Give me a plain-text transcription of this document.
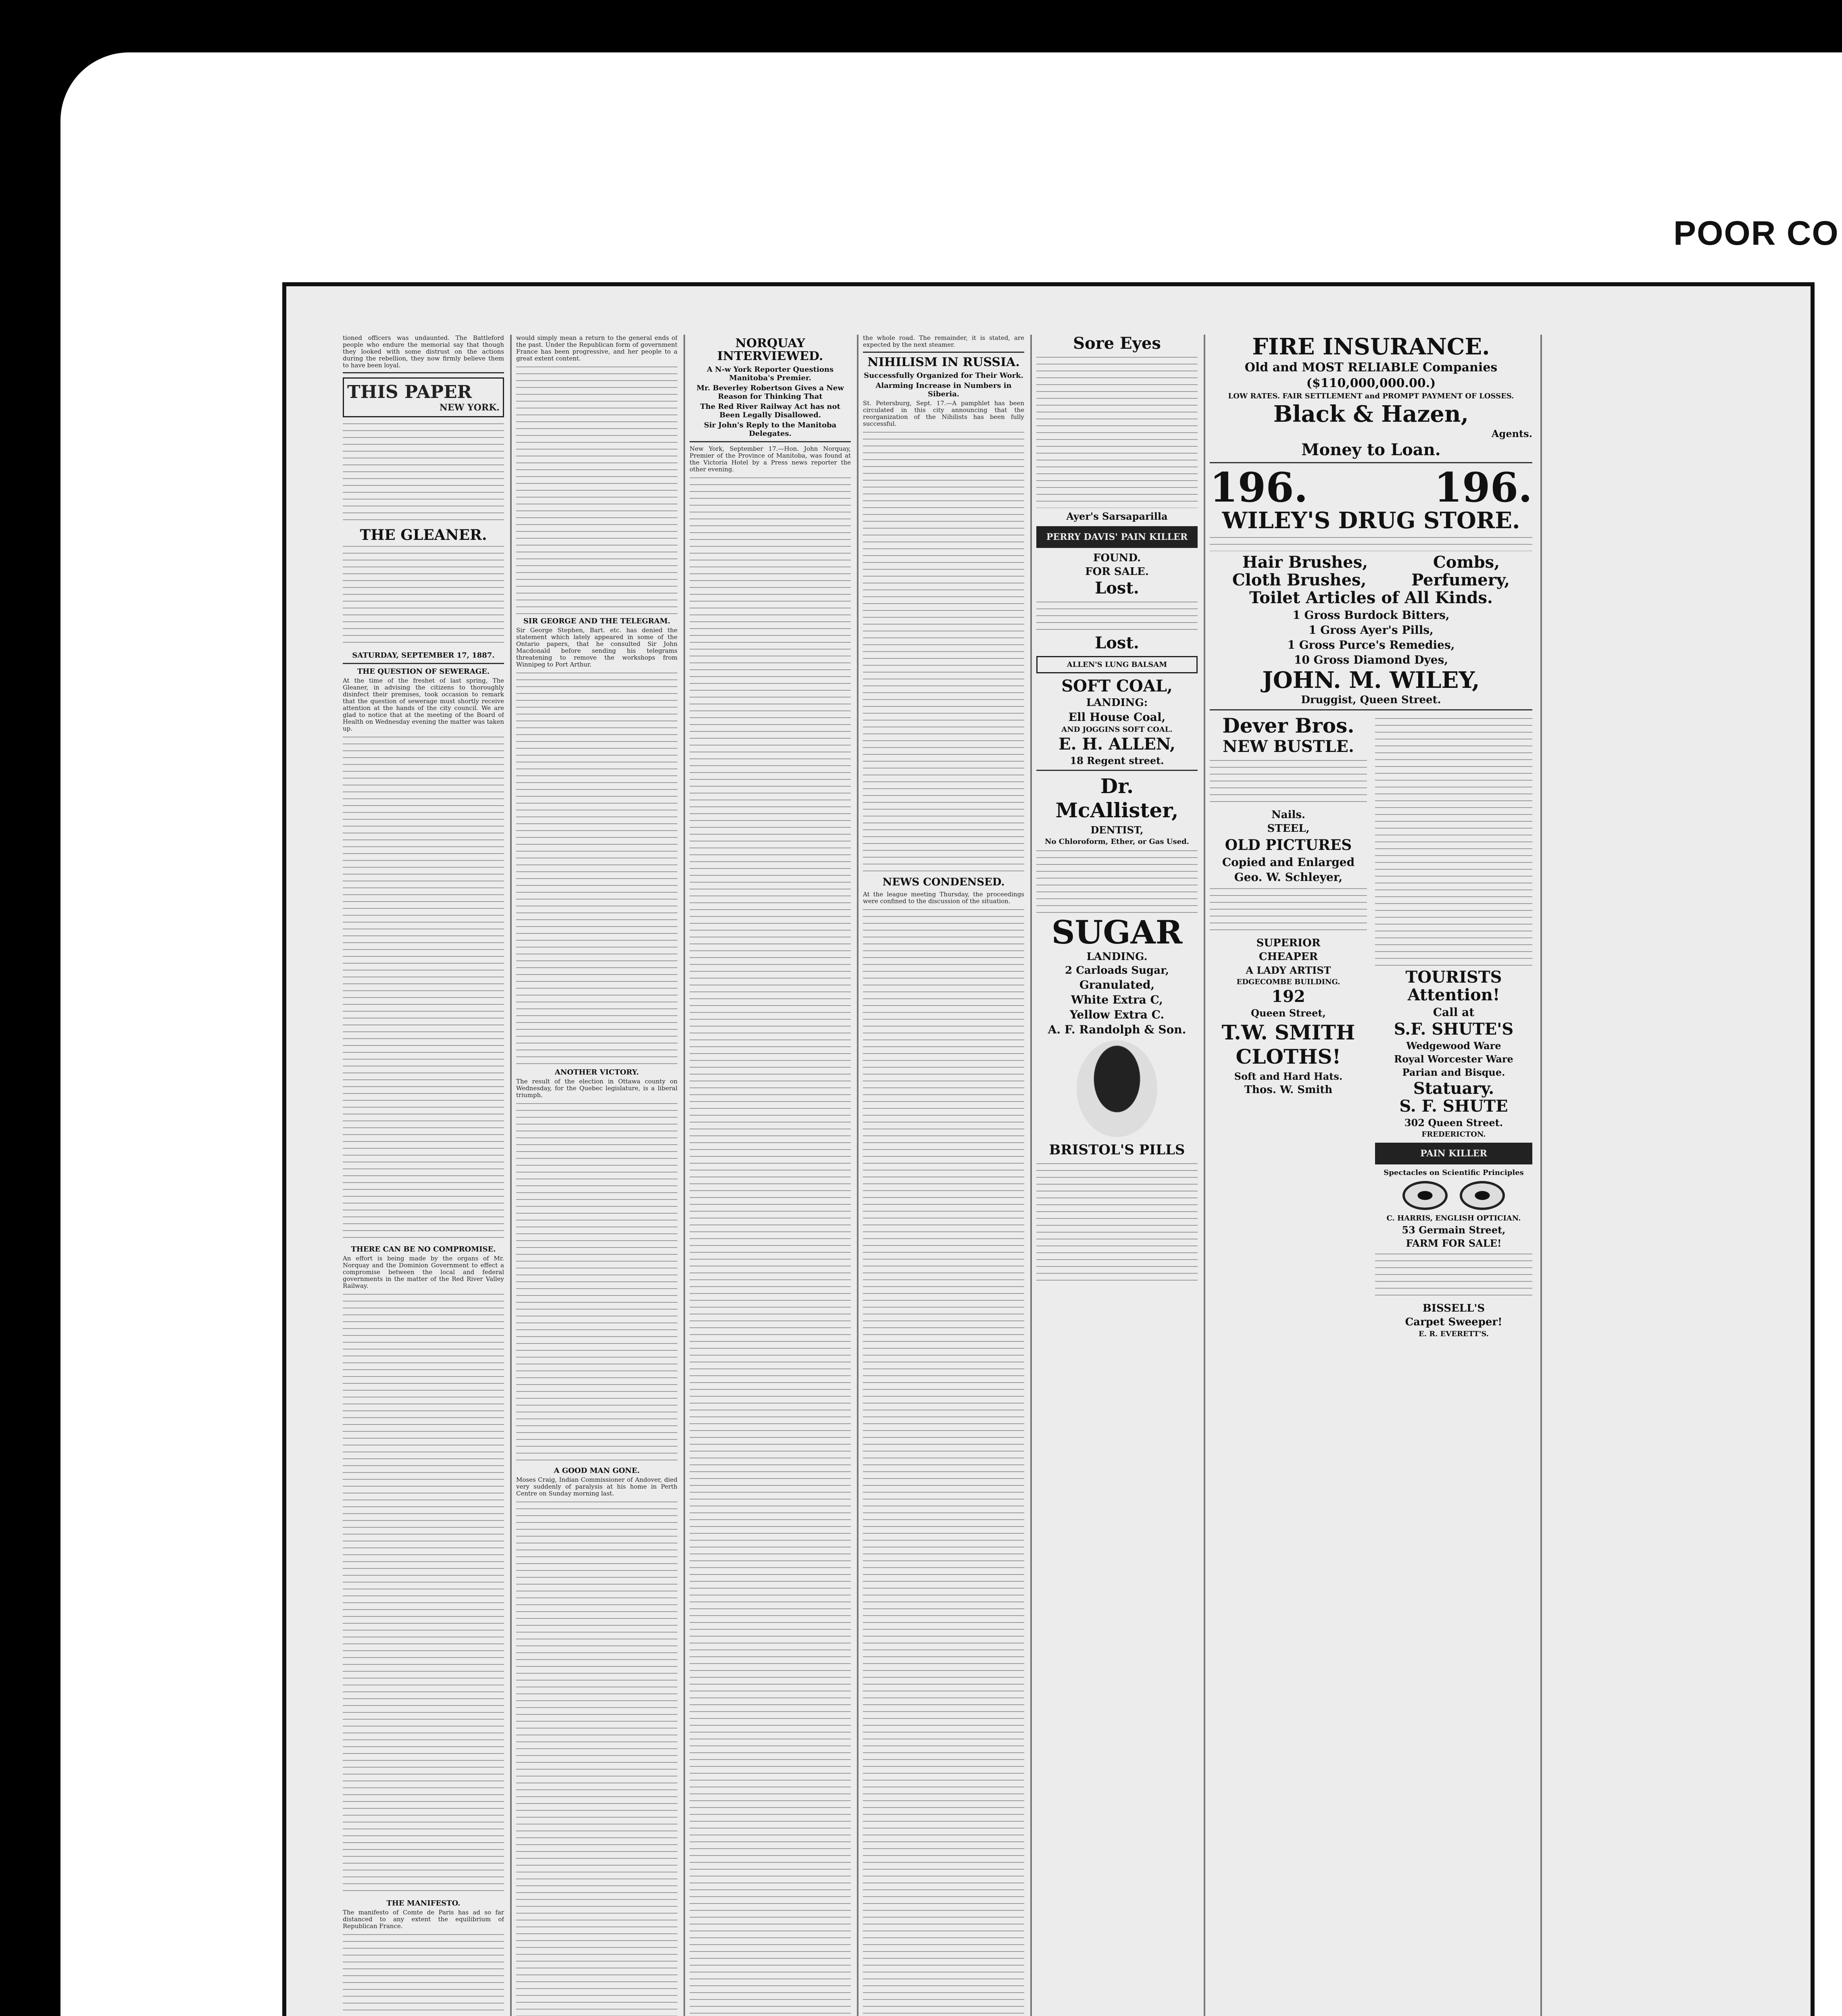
POOR CO

tioned officers was undaunted. The Battleford people who endure the memorial say that though they looked with some distrust on the actions during the rebellion, they now firmly believe them to have been loyal.

THIS PAPER
NEW YORK.
THE GLEANER.
SATURDAY, SEPTEMBER 17, 1887.
THE QUESTION OF SEWERAGE.

At the time of the freshet of last spring, The Gleaner, in advising the citizens to thoroughly disinfect their premises, took occasion to remark that the question of sewerage must shortly receive attention at the hands of the city council. We are glad to notice that at the meeting of the Board of Health on Wednesday evening the matter was taken up.

THERE CAN BE NO COMPROMISE.

An effort is being made by the organs of Mr. Norquay and the Dominion Government to effect a compromise between the local and federal governments in the matter of the Red River Valley Railway.

THE MANIFESTO.

The manifesto of Comte de Paris has ad so far distanced to any extent the equilibrium of Republican France.

would simply mean a return to the general ends of the past. Under the Republican form of government France has been progressive, and her people to a great extent content.

SIR GEORGE AND THE TELEGRAM.

Sir George Stephen, Bart. etc. has denied the statement which lately appeared in some of the Ontario papers, that he consulted Sir John Macdonald before sending his telegrams threatening to remove the workshops from Winnipeg to Port Arthur.

ANOTHER VICTORY.

The result of the election in Ottawa county on Wednesday, for the Quebec legislature, is a liberal triumph.

A GOOD MAN GONE.

Moses Craig, Indian Commissioner of Andover, died very suddenly of paralysis at his home in Perth Centre on Sunday morning last.

NORQUAY INTERVIEWED.
A N-w York Reporter Questions Manitoba's Premier.
Mr. Beverley Robertson Gives a New Reason for Thinking That
The Red River Railway Act has not Been Legally Disallowed.
Sir John's Reply to the Manitoba Delegates.

New York, September 17.—Hon. John Norquay, Premier of the Province of Manitoba, was found at the Victoria Hotel by a Press news reporter the other evening.

the whole road. The remainder, it is stated, are expected by the next steamer.

NIHILISM IN RUSSIA.
Successfully Organized for Their Work.
Alarming Increase in Numbers in Siberia.

St. Petersburg, Sept. 17.—A pamphlet has been circulated in this city announcing that the reorganization of the Nihilists has been fully successful.

NEWS CONDENSED.

At the league meeting Thursday, the proceedings were confined to the discussion of the situation.

Sore Eyes
Ayer's Sarsaparilla
PERRY DAVIS' PAIN KILLER
FOUND.
FOR SALE.
Lost.
Lost.
ALLEN'S LUNG BALSAM
SOFT COAL,
LANDING:
Ell House Coal,
AND JOGGINS SOFT COAL.
E. H. ALLEN,
18 Regent street.
Dr. McAllister,
DENTIST,
No Chloroform, Ether, or Gas Used.
SUGAR
LANDING.
2 Carloads Sugar,
Granulated,
White Extra C,
Yellow Extra C.
A. F. Randolph & Son.
BRISTOL'S PILLS
FIRE INSURANCE.
Old and MOST RELIABLE Companies
($110,000,000.00.)
LOW RATES. FAIR SETTLEMENT and PROMPT PAYMENT OF LOSSES.
Black & Hazen,
Agents.
Money to Loan.
196.	196.
WILEY'S DRUG STORE.
Hair Brushes,	Combs,
Cloth Brushes,	Perfumery,
Toilet Articles of All Kinds.
1 Gross Burdock Bitters,
1 Gross Ayer's Pills,
1 Gross Purce's Remedies,
10 Gross Diamond Dyes,
JOHN. M. WILEY,
Druggist, Queen Street.
Dever Bros.
NEW BUSTLE.
Nails.
STEEL,
OLD PICTURES
Copied and Enlarged
Geo. W. Schleyer,
SUPERIOR
CHEAPER
A LADY ARTIST
EDGECOMBE BUILDING.
192
Queen Street,
T.W. SMITH
CLOTHS!
Soft and Hard Hats.
Thos. W. Smith
TOURISTS
Attention!
Call at
S.F. SHUTE'S
Wedgewood Ware
Royal Worcester Ware
Parian and Bisque.
Statuary.
S. F. SHUTE
302 Queen Street.
FREDERICTON.
PAIN KILLER
Spectacles on Scientific Principles
C. HARRIS, ENGLISH OPTICIAN.
53 Germain Street,
FARM FOR SALE!
BISSELL'S
Carpet Sweeper!
E. R. EVERETT'S.
